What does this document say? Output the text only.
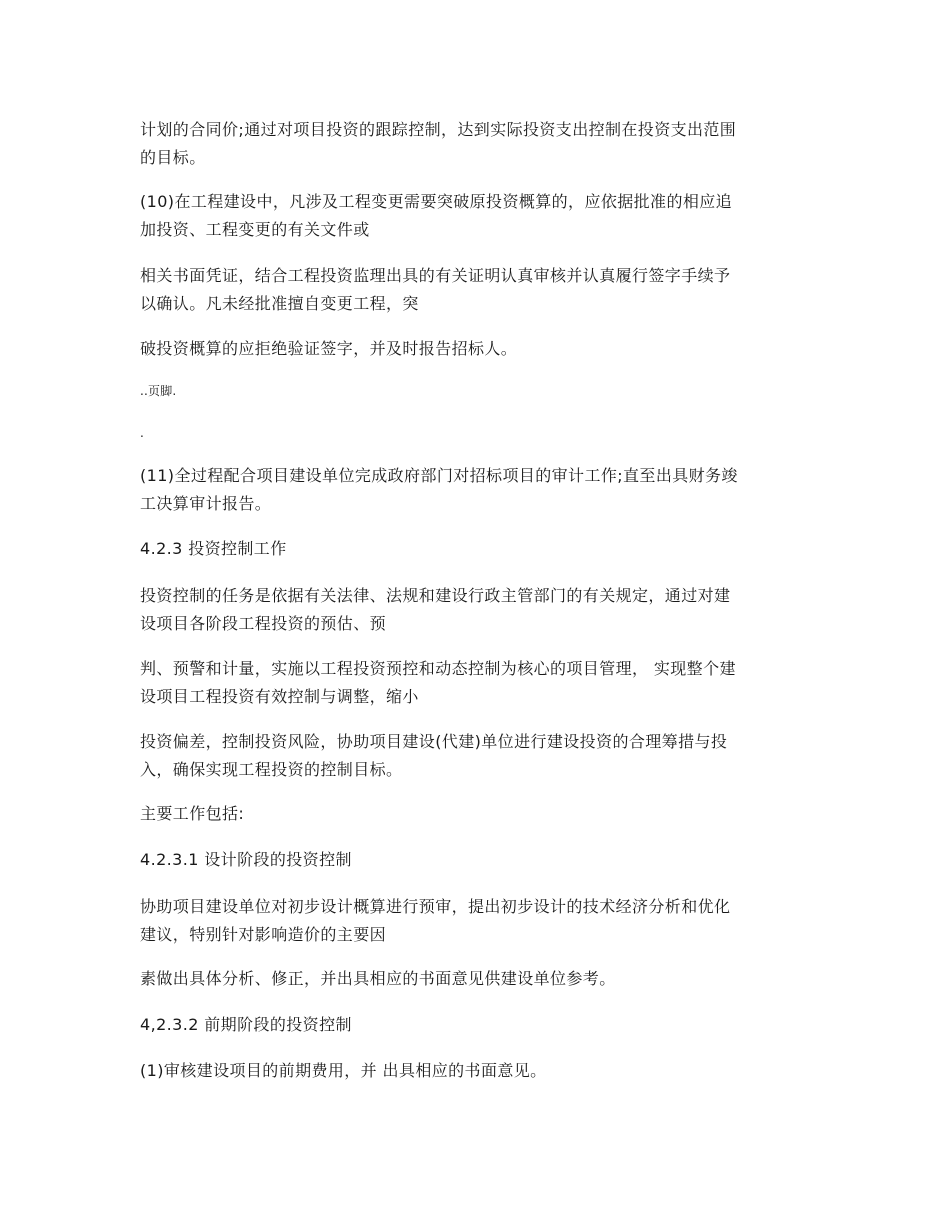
计划的合同价;通过对项目投资的跟踪控制，达到实际投资支出控制在投资支出范围
的目标。

(10)在工程建设中，凡涉及工程变更需要突破原投资概算的，应依据批准的相应追
加投资、工程变更的有关文件或

相关书面凭证，结合工程投资监理出具的有关证明认真审核并认真履行签字手续予
以确认。凡未经批准擅自变更工程，突

破投资概算的应拒绝验证签字，并及时报告招标人。

..页脚.

.

(11)全过程配合项目建设单位完成政府部门对招标项目的审计工作;直至出具财务竣
工决算审计报告。

4.2.3 投资控制工作

投资控制的任务是依据有关法律、法规和建设行政主管部门的有关规定，通过对建
设项目各阶段工程投资的预估、预

判、预警和计量，实施以工程投资预控和动态控制为核心的项目管理， 实现整个建
设项目工程投资有效控制与调整，缩小

投资偏差，控制投资风险，协助项目建设(代建)单位进行建设投资的合理筹措与投
入，确保实现工程投资的控制目标。

主要工作包括:

4.2.3.1 设计阶段的投资控制

协助项目建设单位对初步设计概算进行预审，提出初步设计的技术经济分析和优化
建议，特别针对影响造价的主要因

素做出具体分析、修正，并出具相应的书面意见供建设单位参考。

4,2.3.2 前期阶段的投资控制

(1)审核建设项目的前期费用，并 出具相应的书面意见。
